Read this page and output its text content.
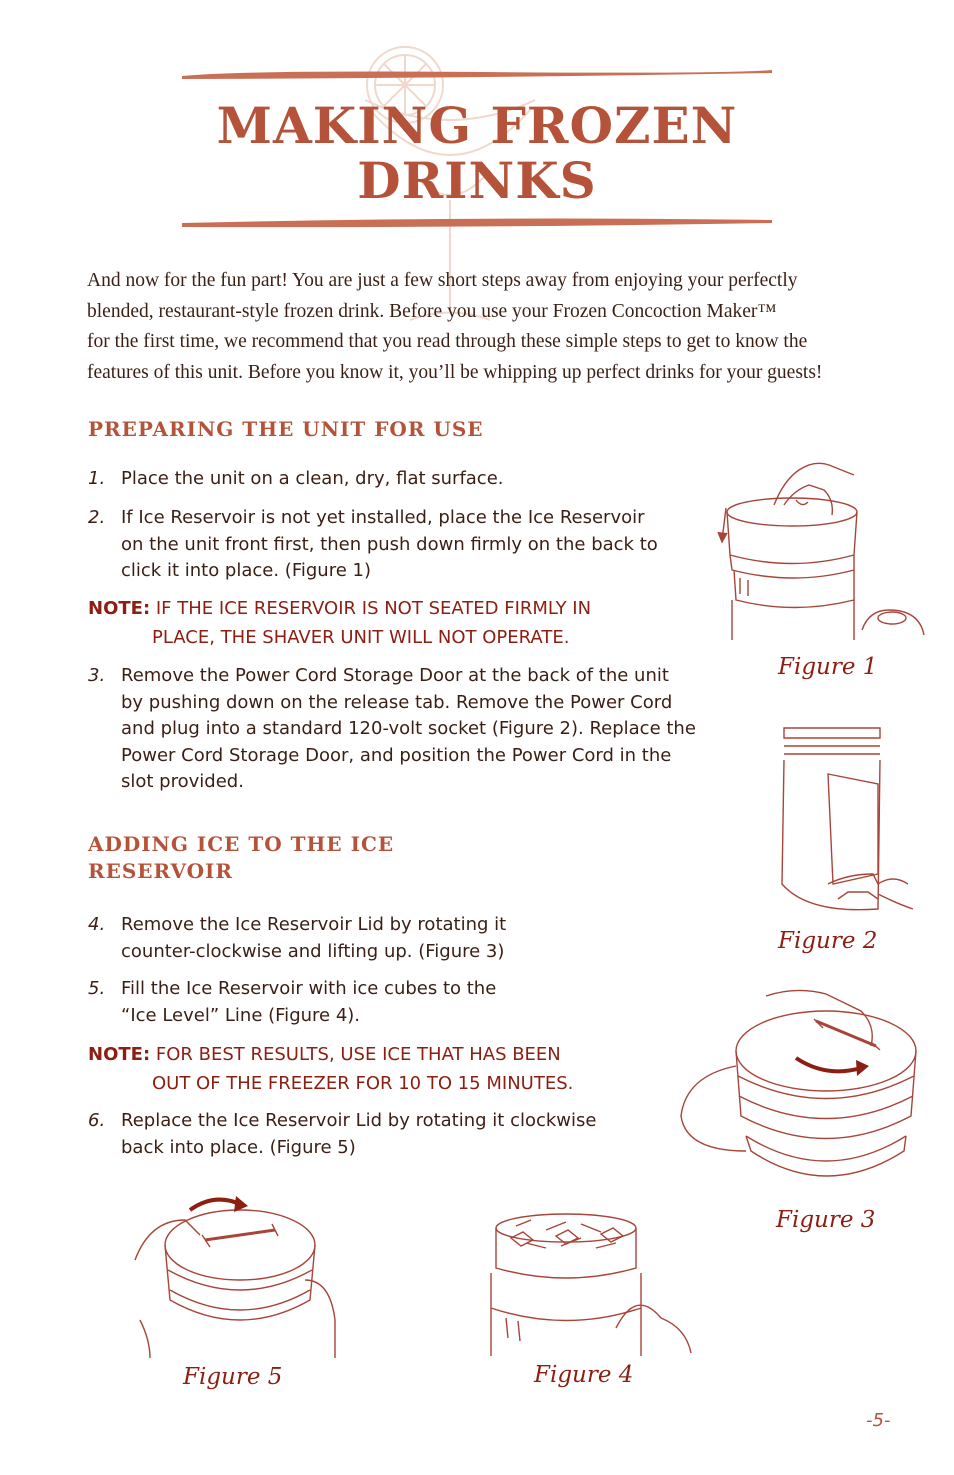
MAKING FROZEN
DRINKS
And now for the fun part! You are just a few short steps away from enjoying your perfectly
blended, restaurant-style frozen drink. Before you use your Frozen Concoction Maker™
for the first time, we recommend that you read through these simple steps to get to know the
features of this unit. Before you know it, you’ll be whipping up perfect drinks for your guests!
PREPARING THE UNIT FOR USE
1. Place the unit on a clean, dry, flat surface.
2. If Ice Reservoir is not yet installed, place the Ice Reservoir
on the unit front first, then push down firmly on the back to
click it into place. (Figure 1)
NOTE: IF THE ICE RESERVOIR IS NOT SEATED FIRMLY IN
PLACE, THE SHAVER UNIT WILL NOT OPERATE.
3. Remove the Power Cord Storage Door at the back of the unit
by pushing down on the release tab. Remove the Power Cord
and plug into a standard 120-volt socket (Figure 2). Replace the
Power Cord Storage Door, and position the Power Cord in the
slot provided.
ADDING ICE TO THE ICE
RESERVOIR
4. Remove the Ice Reservoir Lid by rotating it
counter-clockwise and lifting up. (Figure 3)
5. Fill the Ice Reservoir with ice cubes to the
“Ice Level” Line (Figure 4).
NOTE: FOR BEST RESULTS, USE ICE THAT HAS BEEN
OUT OF THE FREEZER FOR 10 TO 15 MINUTES.
6. Replace the Ice Reservoir Lid by rotating it clockwise
back into place. (Figure 5)
Figure 1
Figure 2
Figure 3
Figure 5	Figure 4
-5-
